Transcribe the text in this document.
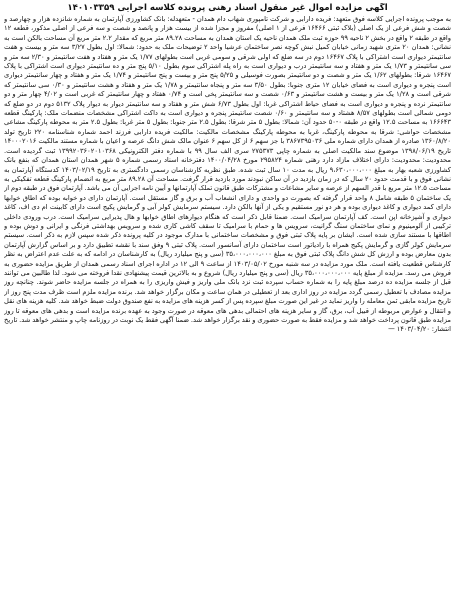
آگهی مزایده اموال غیر منقول اسناد رهنی پرونده کلاسه اجرایی ۱۴۰۱۰۳۳۵۹

به موجب پرونده اجرایی کلاسه فوق متعهد: فریده دارابی و شرکت تامپوری شهاب دام همدان - متعهدله: بانک کشاورزی آپارتمان به شماره شانزده هزار و چهارصد و شصت و شش فرعی از یک اصلی (بلاک ثبتی ۱۶۴۶۶ فرعی از ۱ اصلی) مفروز و مجزا شده از بیست هزار و پانصد و شصت و سه فرعی از اصلی مذکور، قطعه ۱۲ واقع در طبقه ۲ واقع در بخش ۲ ناحیه ۹۹ حوزه ثبت ملک همدان ناحیه یک استان همدان به مساحت ۸۹.۲۸ متر مربع که مقدار ۲.۲ متر مربع آن مساحت بالکن است به نشانی: همدان ۲۰ متری شهید زمانی خیابان کمیل نبش کوچه نصر ساختمان عرشیا واحد ۲ توضیحات ملک به حدود: شمالا: اول بطول ۳/۲۷ سه متر و بیست و هفت سانتیمتر دیواری است اشتراکی با پلاک ۱۶۴۶۷ دوم در سه ضلع که اولی شرقی و سومی غربی است بطولهای ۱/۷۷ یک متر و هفتاد و هفت سانتیمتر و ۲/۳۰ سه متر و سی سانتیمتر و ۱/۷۳ یک متر و هفتاد و سه سانتیمتر درب و دیواری است به راه پله اشتراکی سوم بطول ۵/۱۰ پنج متر و ده سانتیمتر دیواری است اشتراکی با پلاک ۱۶۴۶۷ شرقا: بطولهای ۱/۶۲ یک متر و شصت و دو سانتیمتر بصورت فوسیلی و ۵/۲۵ پنج متر و بیست و پنج سانتیمتر و ۱/۷۴ یک متر و هفتاد و چهار سانتیمتر دیواری است پنجره و دیواری است به فضای خیابان ۱۲ متری جنوبا: بطول ۳/۵۰ سه متر و پنجاه سانتیمتر و ۱/۷۸ یک متر و هفتاد و هشت سانتیمتر و ۰/۳۰ سی سانتیمتر که شرقی است و ۱/۲۸ یک متر و بیست و هشت سانتیمتر و ۰/۶۳ شصت و سه سانتیمتر پخی است و ۰/۷۴ هفتاد و چهار سانتیمتر که غربی است و ۴/۰۲ چهار متر و دو سانتیمتر نرده و پنجره و دیواری است به فضای حیاط اشتراکی غربا: اول بطول ۶/۷۳ شش متر و هفتاد و سه سانتیمتر دیوار به دیوار پلاک ۵۱۳۲ دوم در دو ضلع که دومی شمالی است بطولهای ۸/۵۷ هشتاد و سه سانتیمتر و ۰/۶۰ شصت سانتیمتر پنجره و دیواری است به داکت اشتراکی مشخصات منضمات ملک: پارکینگ قطعه ۱۶۶۶۴۳ به مساحت ۱۲.۵ واقع در طبقه ۰-۵۰ حدود آن: شمالا: بطول ۵ متر شرقا: بطول ۲.۵ متر جنوبا: بطول ۵ متر غربا: بطول ۲.۵ متر به محوطه پارکینگ مشاعی مشخصات حواشی: شرقا به محوطه پارکینگ، غربا به محوطه پارکینگ مشخصات مالکیت: مالکیت فریده دارابی فرزند احمد شماره شناسنامه ۲۲۰ تاریخ تولد ۱۳۶۰/۸/۲۰ صادره از همدان دارای شماره ملی ۳۸۶۷۳۹۵۰۳۶ با جز سهم ۶ از کل سهم ۶ عنوان مالک شش دانگ عرصه و اعیان با شماره مستند مالکیت ۱۴۰۰۰۲۰۱۶ تاریخ ۱۳۹۸/۰۶/۱۹ موضوع سند مالکیت اصلی به شماره چاپی ۲۷۵۳۷۳ سری الف سال ۹۹ با شماره دفتر الکترونیکی ۱۳۹۹۲۰۳۶۰۲۰۱۰۳۶۸ ثبت گردیده است. محدودیت: محدودیت: دارای اختلاف مازاد دارد رهنی شماره ۲۹۵۸۲۴ مورخ ۱۴۰۰/۰۴/۲۸ دفترخانه اسناد رسمی شماره ۵ شهر همدان استان همدان که بنفع بانک کشاورزی شعبه بهار به مبلغ ۹،۶۳۰،۰۰۰،۰۰۰ ریال به مدت ۱۰ سال ثبت شده. طبق نظریه کارشناسان رسمی دادگستری به تاریخ ۱۴۰۳/۰۲/۱۹ کدستگاه آپارتمان به نشانی فوق و با قدمت حدود ۲۰ سال که در زمان بازدید در آن ساکن نبودند مورد بازدید قرار گرفت. مساحت آن ۸۹.۲۸ متر مربع به انضمام پارکینگ قطعه تفکیکی به مساحت ۱۲.۵ متر مربع با قدر السهم از عرصه و سایر مشاعات و مشترکات طبق قانون تملک آپارتمانها و آیین نامه اجرایی آن می باشد. آپارتمان فوق در طبقه دوم از یک ساختمان ۵ طبقه شامل ۸ واحد قرار گرفته که بصورت دو واحدی و دارای انشعاب آب و برق و گاز مستقل است. آپارتمان دارای دو خوابه بوده که اطاق خوابها دارای کمد دیواری و کاغذ دیواری بوده و هر دو نور مستقیم و یکی از آنها بالکن دارد. سیستم سرمایش کولر آبی و گرمایش پکیج است دارای کابینت ام دی اف، کاغذ دیواری و آشپزخانه اپن است. کف آپارتمان سرامیک است. ضمنا قابل ذکر است که هنگام دیوارهای اطاق خوابها و هال پذیرایی سرامیک است. درب ورودی داخلی ترکیبی از آلومینیوم و نمای ساختمان سنگ گرانیت، سرویس ها و حمام با سرامیک تا سقف کاشی کاری شده و سرویس بهداشتی فرنگی و ایرانی و دوش بوده و اطاقها با مستند سازی شده است. ایشان بر پایه پلاک ثبتی فوق و مشخصات ساختمانی با مدارک موجود در کلیه پرونده ذکر شده سپس لازم به ذکر است. سیستم سرمایش کولر گازی و گرمایش پکیج همراه با رادیاتور است ساختمان دارای آسانسور است. پلاک ثبتی ۹ وفق سند با نقشه تطبیق دارد و بر اساس گزارش آپارتمان بدون معارض بوده و ارزش کل شش دانگ پلاک ثبتی فوق به مبلغ ۳۵،۰۰۰،۰۰۰،۰۰۰ (سی و پنج میلیارد ریال) به کارشناسان در ادامه که به علت عدم اعتراض به نظر کارشناس قطعیت یافته است. ملک مورد مزایده در سه شنبه مورخ ۱۴۰۳/۰۵/۰۲ از ساعت ۹ الی ۱۲ در اداره اجرای اسناد رسمی همدان از طریق مزایده حضوری به فروش می رسد. مزایده از مبلغ پایه ۳۵،۰۰۰،۰۰۰،۰۰۰ ریال (سی و پنج میلیارد ریال) شروع و به بالاترین قیمت پیشنهادی نقدا فروخته می شود. لذا طالبین می توانند قبل از جلسه مزایده ده درصد مبلغ پایه را به شماره حساب سپرده ثبت نزد بانک ملی واریز و فیش واریزی را به همراه در جلسه مزایده حاضر شوند. چنانچه روز مزایده مصادف با تعطیل رسمی گردد مزایده در روز اداری بعد از تعطیلی در همان ساعت و مکان برگزار خواهد شد. برنده مزایده ملزم است ظرف مدت پنج روز از تاریخ مزایده مابقی ثمن معامله را واریز نماید در غیر این صورت مبلغ سپرده پس از کسر هزینه های مزایده به نفع صندوق دولت ضبط خواهد شد. کلیه هزینه های نقل و انتقال و عوارض مربوطه از قبیل آب، برق، گاز و سایر هزینه های احتمالی بدهی های معوقه در صورت وجود به عهده برنده مزایده است و بدهی های معوقه تا روز مزایده طبق قانون پرداخت خواهد شد و مزایده فقط به صورت حضوری و نقد برگزار خواهد شد. ضمنا آگهی فقط یک نوبت در روزنامه چاپ و منتشر خواهد شد. تاریخ انتشار: ۱۴۰۳/۰۴/۲۰ —
